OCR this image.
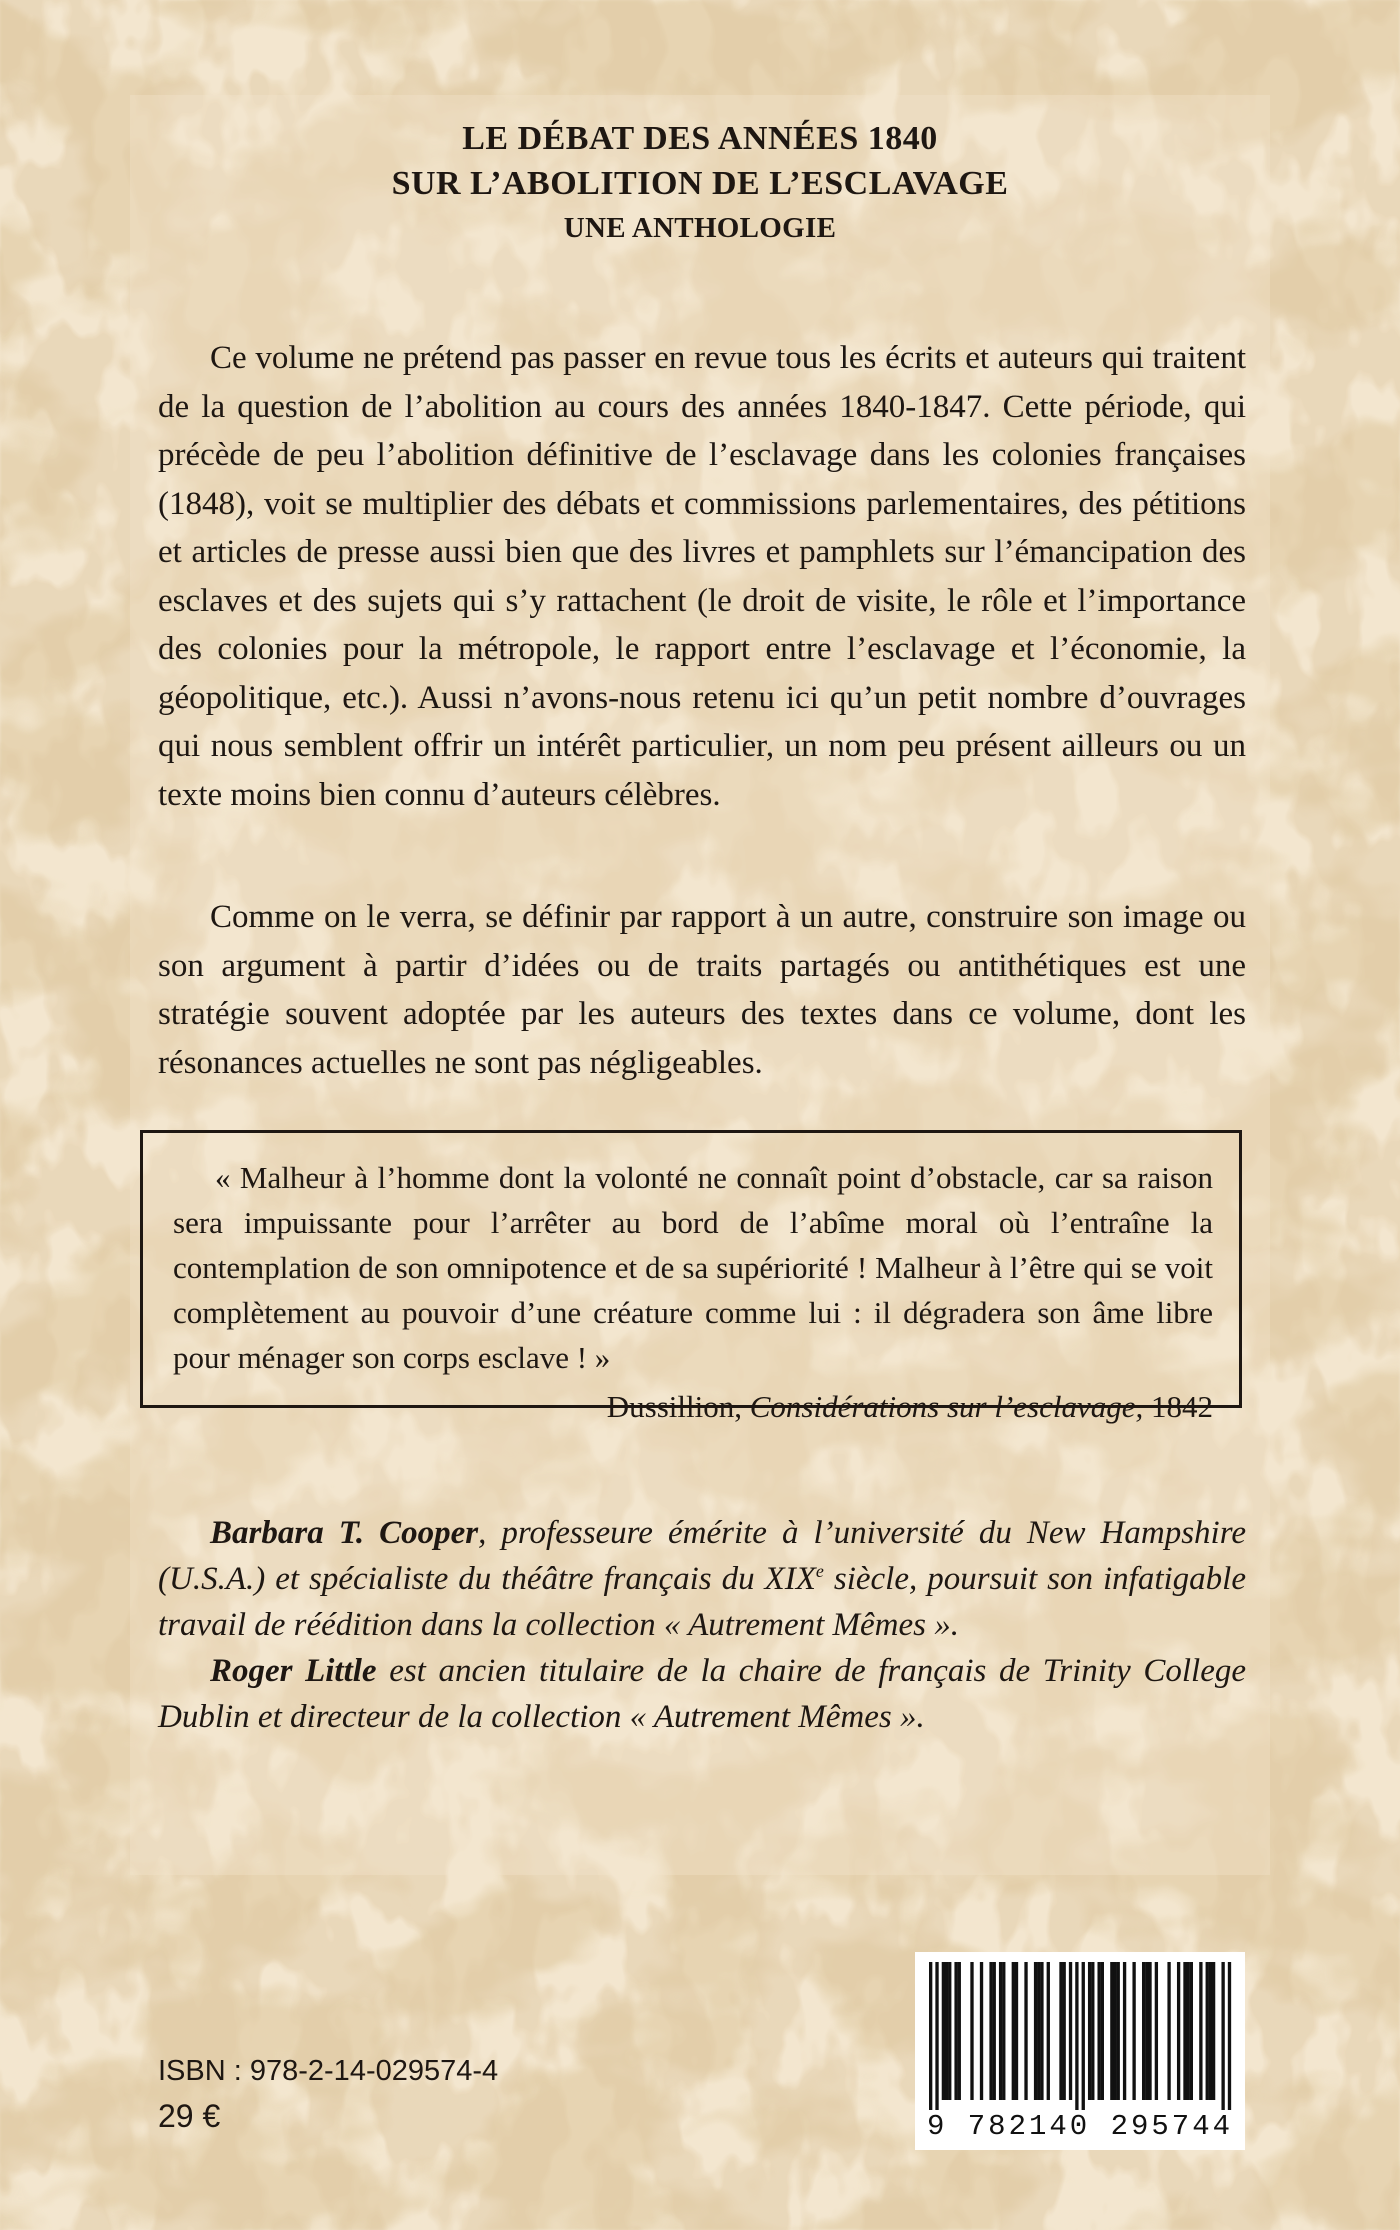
LE DÉBAT DES ANNÉES 1840
SUR L’ABOLITION DE L’ESCLAVAGE
UNE ANTHOLOGIE

Ce volume ne prétend pas passer en revue tous les écrits et auteurs qui traitent de la question de l’abolition au cours des années 1840-1847. Cette période, qui précède de peu l’abolition définitive de l’esclavage dans les colonies françaises (1848), voit se multiplier des débats et commissions parlementaires, des pétitions et articles de presse aussi bien que des livres et pamphlets sur l’émancipation des esclaves et des sujets qui s’y rattachent (le droit de visite, le rôle et l’importance des colonies pour la métropole, le rapport entre l’esclavage et l’économie, la géopolitique, etc.). Aussi n’avons-nous retenu ici qu’un petit nombre d’ouvrages qui nous semblent offrir un intérêt particulier, un nom peu présent ailleurs ou un texte moins bien connu d’auteurs célèbres.

Comme on le verra, se définir par rapport à un autre, construire son image ou son argument à partir d’idées ou de traits partagés ou antithétiques est une stratégie souvent adoptée par les auteurs des textes dans ce volume, dont les résonances actuelles ne sont pas négligeables.

« Malheur à l’homme dont la volonté ne connaît point d’obstacle, car sa raison sera impuissante pour l’arrêter au bord de l’abîme moral où l’entraîne la contemplation de son omnipotence et de sa supériorité ! Malheur à l’être qui se voit complètement au pouvoir d’une créature comme lui : il dégradera son âme libre pour ménager son corps esclave ! »

Dussillion, Considérations sur l’esclavage, 1842

Barbara T. Cooper, professeure émérite à l’université du New Hampshire (U.S.A.) et spécialiste du théâtre français du XIXe siècle, poursuit son infatigable travail de réédition dans la collection « Autrement Mêmes ».

Roger Little est ancien titulaire de la chaire de français de Trinity College Dublin et directeur de la collection « Autrement Mêmes ».

ISBN : 978-2-14-029574-4
29 €	9 782140 295744
